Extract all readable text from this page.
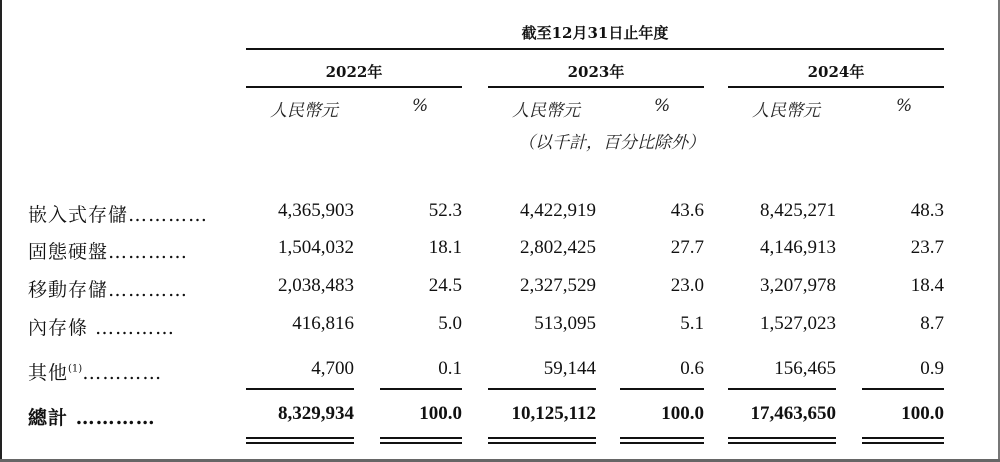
截至12月31日止年度
2022年	2023年	2024年
人民幣元	%	人民幣元	%	人民幣元	%
（以千計，百分比除外）
嵌入式存儲…………	4,365,903	52.3	4,422,919	43.6	8,425,271	48.3
固態硬盤…………	1,504,032	18.1	2,802,425	27.7	4,146,913	23.7
移動存儲…………	2,038,483	24.5	2,327,529	23.0	3,207,978	18.4
內存條 …………	416,816	5.0	513,095	5.1	1,527,023	8.7
其他$^{(1)}$…………	4,700	0.1	59,144	0.6	156,465	0.9
總計 …………	8,329,934	100.0	10,125,112	100.0 17,463,650	100.0
